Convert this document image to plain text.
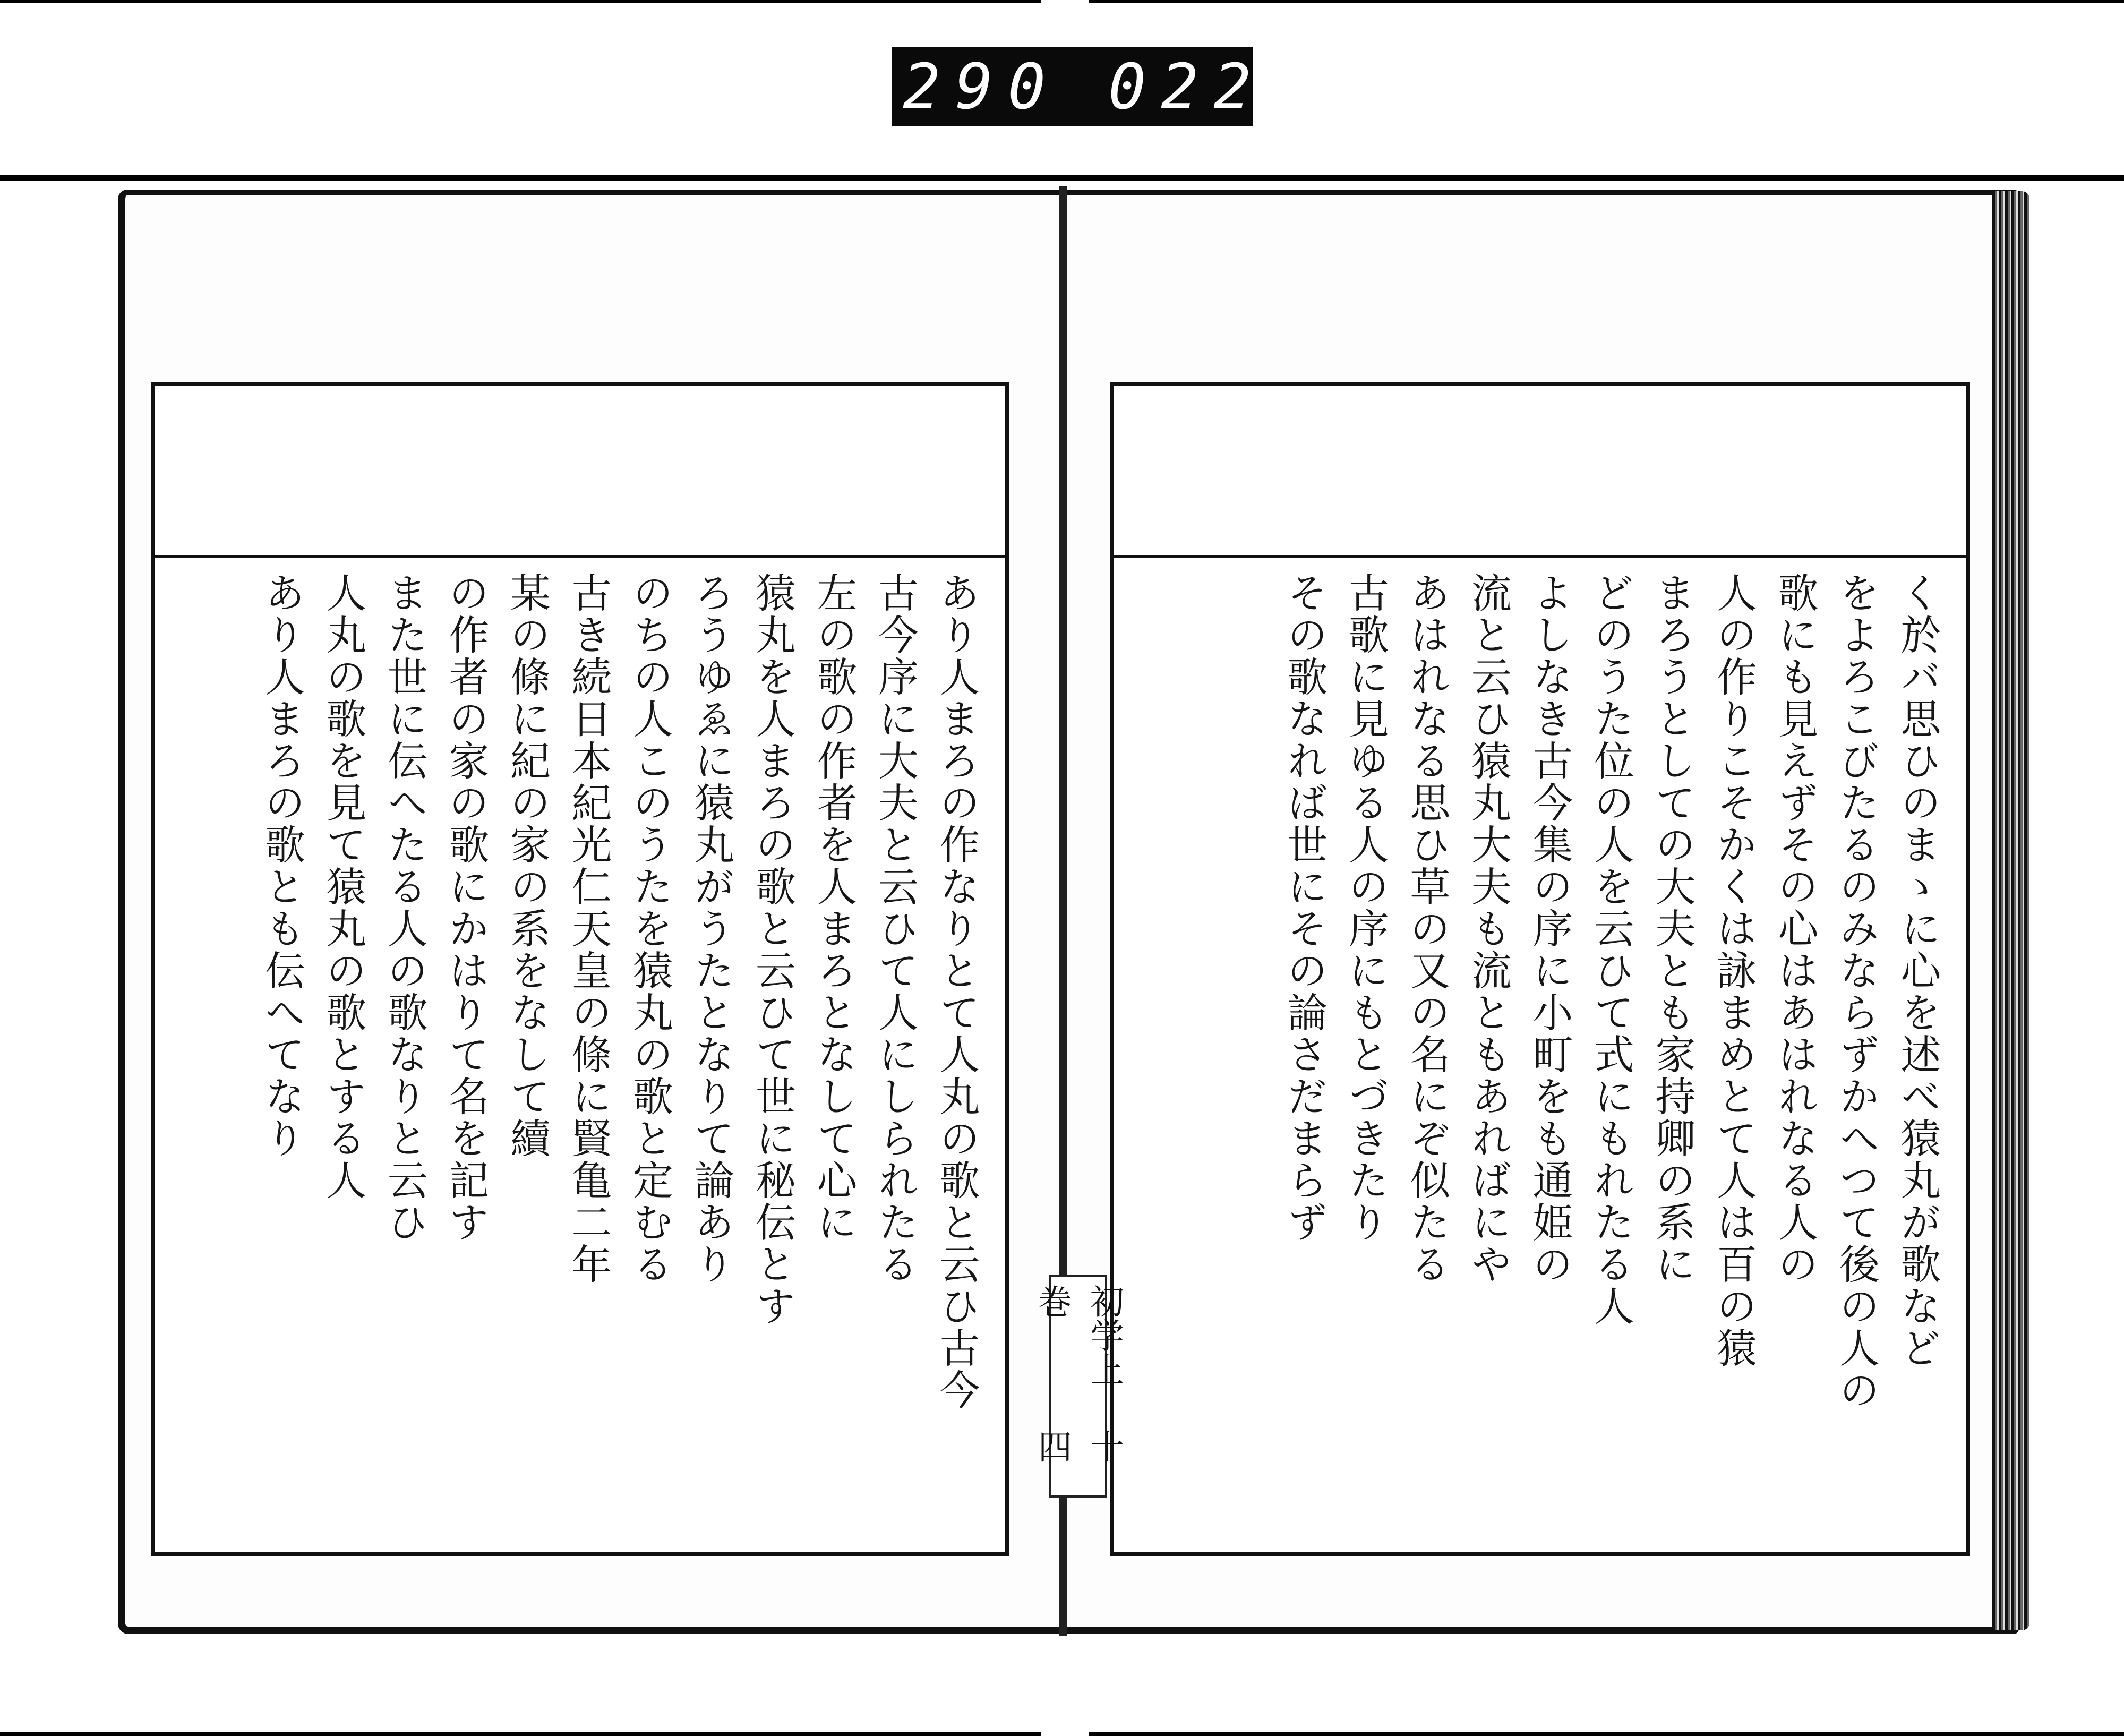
290 022.

あり人まろの作なりとて人丸の歌と云ひ古今

古今序に大夫と云ひて人にしられたる

左の歌の作者を人まろとなして心に

猿丸を人まろの歌と云ひて世に秘伝とす

ろうゆゑに猿丸がうたとなりて論あり

のちの人このうたを猿丸の歌と定むる

古き続日本紀光仁天皇の條に賢亀二年

某の條に紀の家の系をなして續

の作者の家の歌にかはりて名を記す

また世に伝へたる人の歌なりと云ひ

人丸の歌を見て猿丸の歌とする人

あり人まろの歌とも伝へてなり	く於バ思ひのまゝに心を述べ猿丸が歌など

をよろこびたるのみならずかへつて後の人の

歌にも見えずその心はあはれなる人の

人の作りこそかくは詠まめとて人は百の猿

まろうとしての大夫とも家持卿の系に

どのうた位の人を云ひて式にもれたる人

よしなき古今集の序に小町をも通姫の

流と云ひ猿丸大夫も流ともあればにや

あはれなる思ひ草の又の名にぞ似たる

古歌に見ゆる人の序にもとづきたり

その歌なれば世にその論さだまらず

初学上巻
十四
